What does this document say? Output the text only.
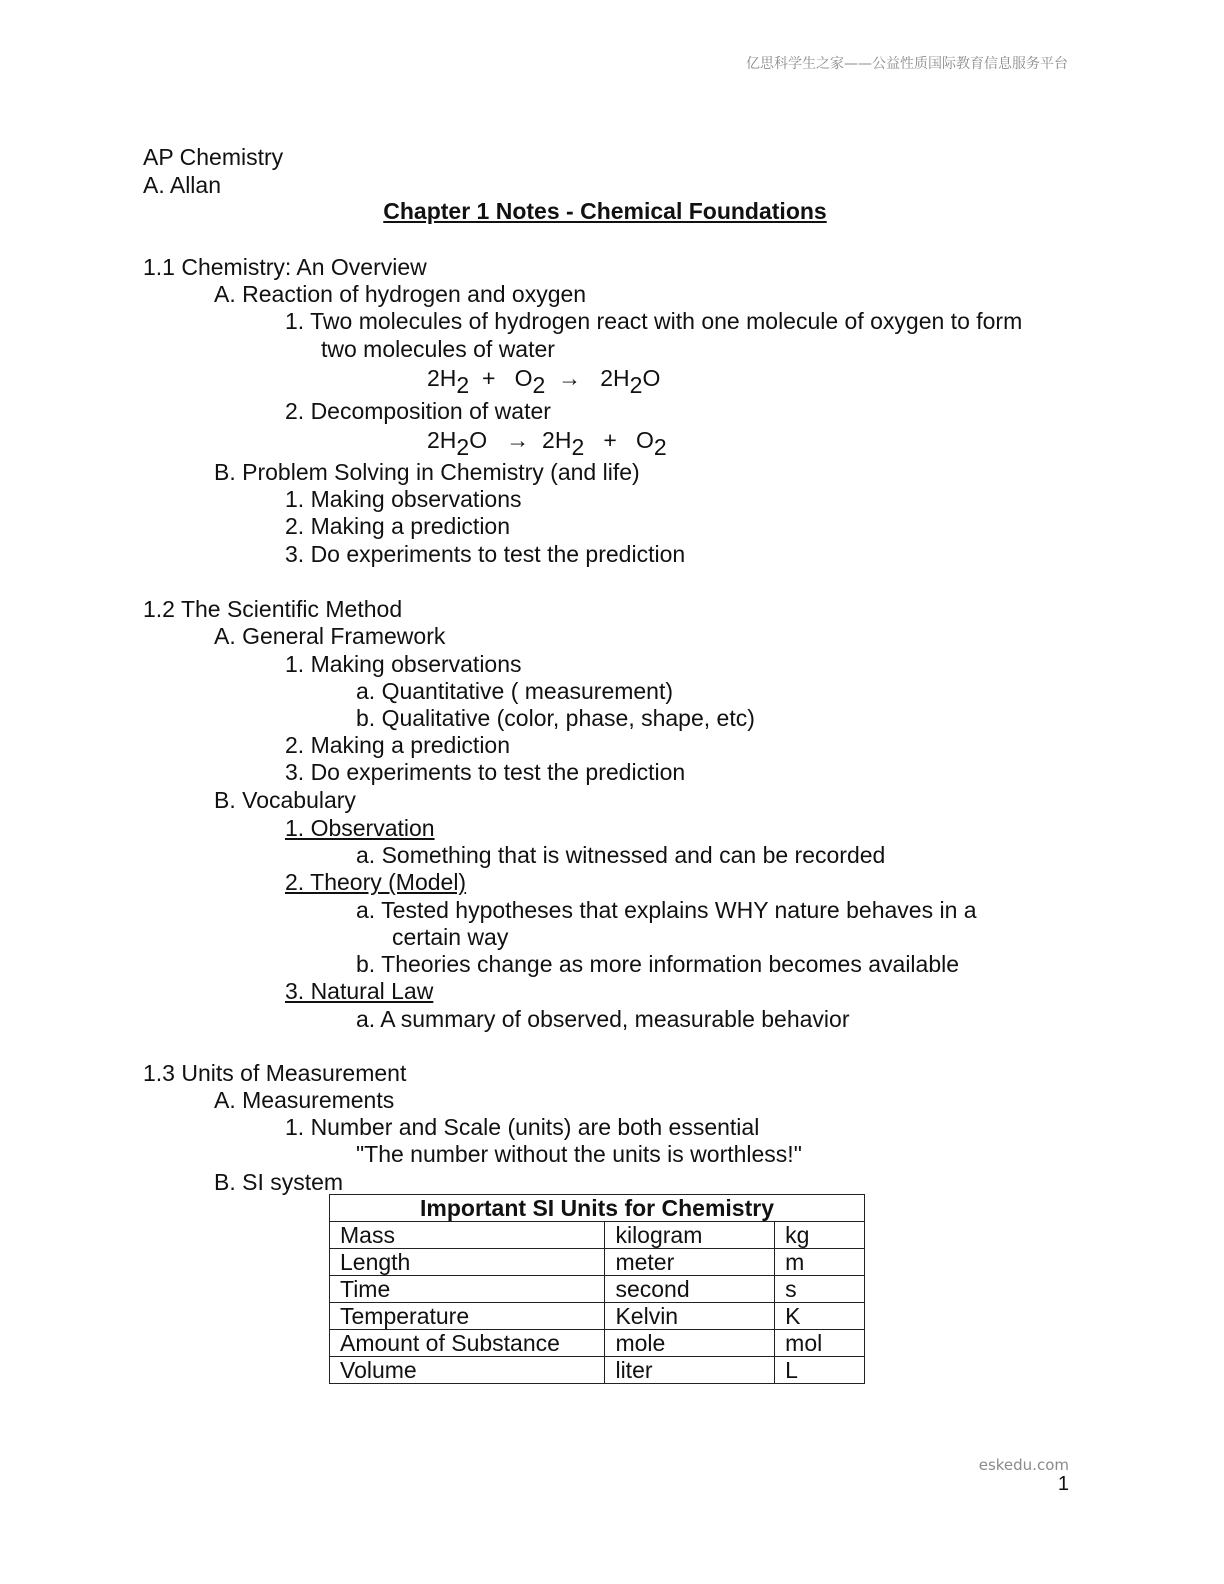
亿思科学生之家——公益性质国际教育信息服务平台
AP Chemistry
A. Allan
Chapter 1 Notes - Chemical Foundations
1.1 Chemistry: An Overview
A. Reaction of hydrogen and oxygen
1. Two molecules of hydrogen react with one molecule of oxygen to form
two molecules of water
$2H_2 + O_2 \to 2H_2O$
2. Decomposition of water
$2H_2O \to 2H_2 + O_2$
B. Problem Solving in Chemistry (and life)
1. Making observations
2. Making a prediction
3. Do experiments to test the prediction
1.2 The Scientific Method
A. General Framework
1. Making observations
a. Quantitative ( measurement)
b. Qualitative (color, phase, shape, etc)
2. Making a prediction
3. Do experiments to test the prediction
B. Vocabulary
1. Observation
a. Something that is witnessed and can be recorded
2. Theory (Model)
a. Tested hypotheses that explains WHY nature behaves in a
certain way
b. Theories change as more information becomes available
3. Natural Law
a. A summary of observed, measurable behavior
1.3 Units of Measurement
A. Measurements
1. Number and Scale (units) are both essential
"The number without the units is worthless!"
B. SI system
Important SI Units for Chemistry		
Mass	kilogram	kg
Length	meter	m
Time	second	s
Temperature	Kelvin	K
Amount of Substance	mole	mol
Volume	liter	L
eskedu.com
1
